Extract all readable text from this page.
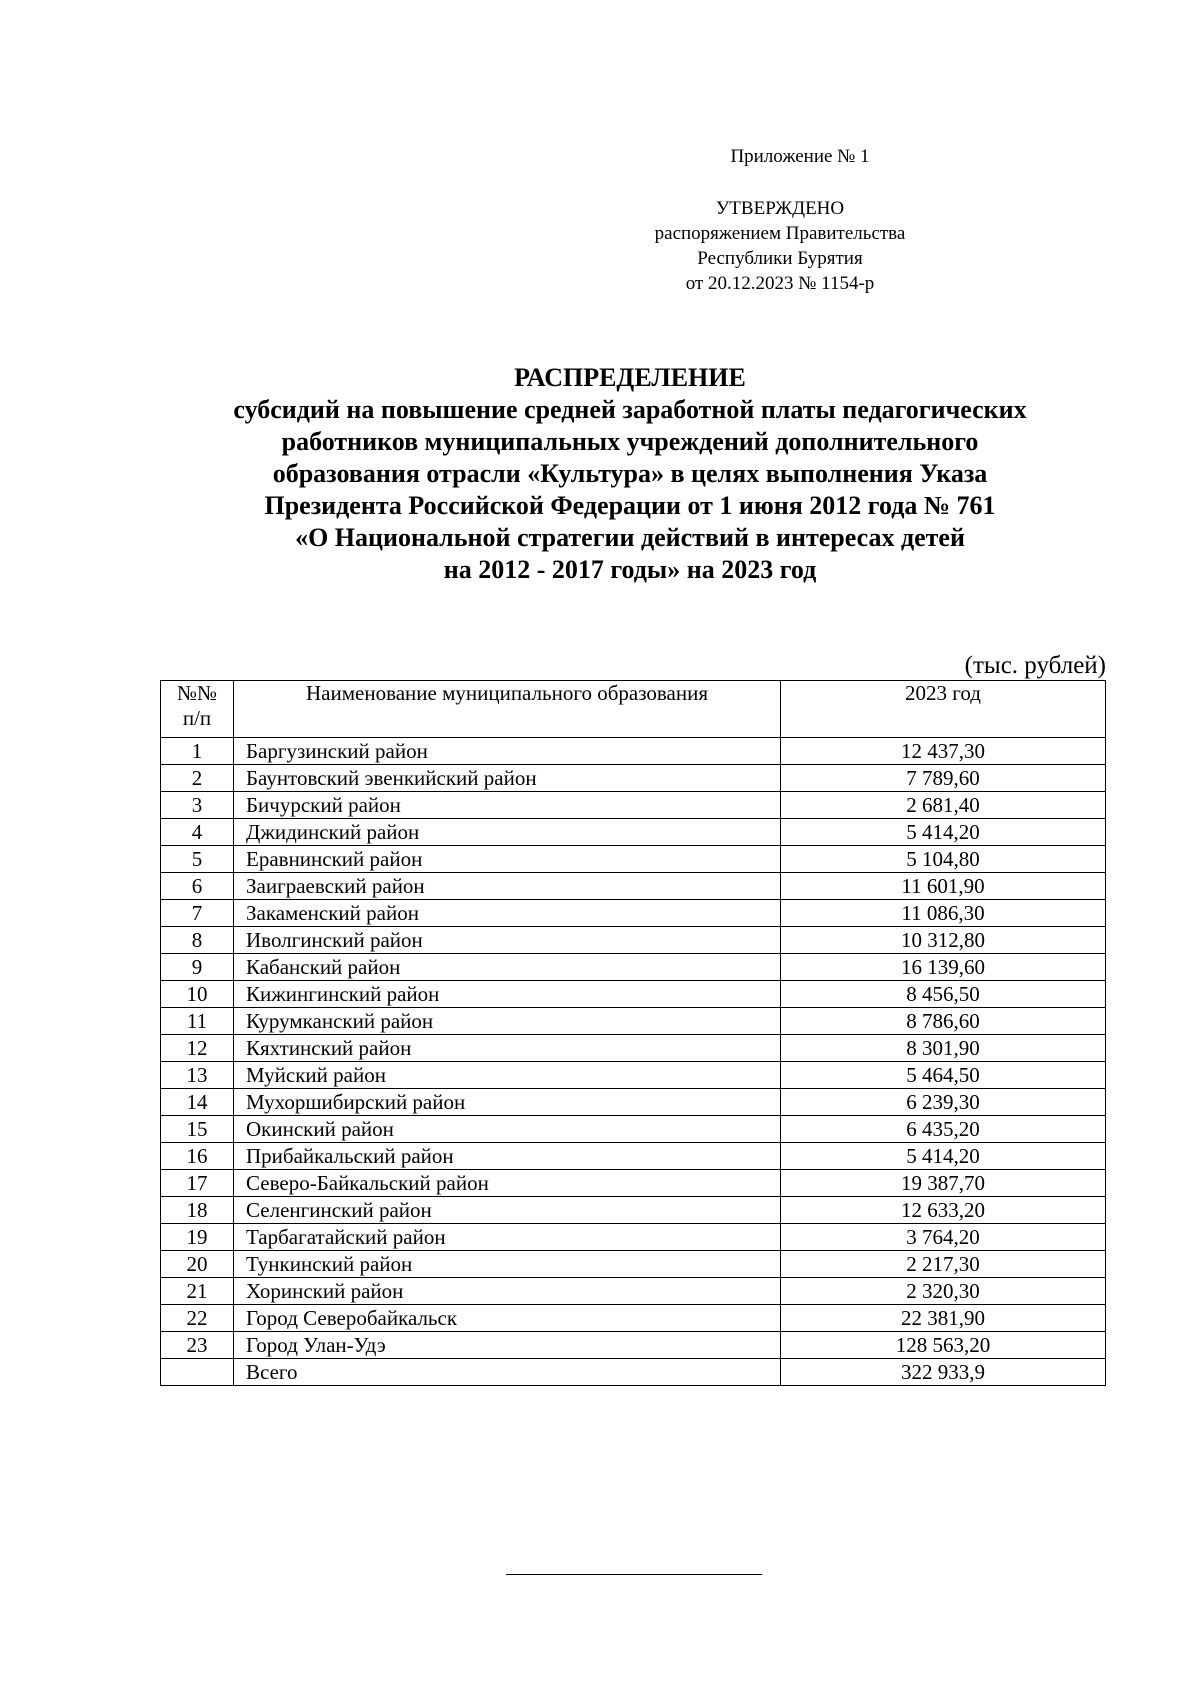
Приложение № 1
УТВЕРЖДЕНО
распоряжением Правительства
Республики Бурятия
от 20.12.2023 № 1154-р
РАСПРЕДЕЛЕНИЕ
субсидий на повышение средней заработной платы педагогических
работников муниципальных учреждений дополнительного
образования отрасли «Культура» в целях выполнения Указа
Президента Российской Федерации от 1 июня 2012 года № 761
«О Национальной стратегии действий в интересах детей
на 2012 - 2017 годы» на 2023 год
(тыс. рублей)
№№
п/п	Наименование муниципального образования	2023 год
1	Баргузинский район	12 437,30
2	Баунтовский эвенкийский район	7 789,60
3	Бичурский район	2 681,40
4	Джидинский район	5 414,20
5	Еравнинский район	5 104,80
6	Заиграевский район	11 601,90
7	Закаменский район	11 086,30
8	Иволгинский район	10 312,80
9	Кабанский район	16 139,60
10	Кижингинский район	8 456,50
11	Курумканский район	8 786,60
12	Кяхтинский район	8 301,90
13	Муйский район	5 464,50
14	Мухоршибирский район	6 239,30
15	Окинский район	6 435,20
16	Прибайкальский район	5 414,20
17	Северо-Байкальский район	19 387,70
18	Селенгинский район	12 633,20
19	Тарбагатайский район	3 764,20
20	Тункинский район	2 217,30
21	Хоринский район	2 320,30
22	Город Северобайкальск	22 381,90
23	Город Улан-Удэ	128 563,20
	Всего	322 933,9
